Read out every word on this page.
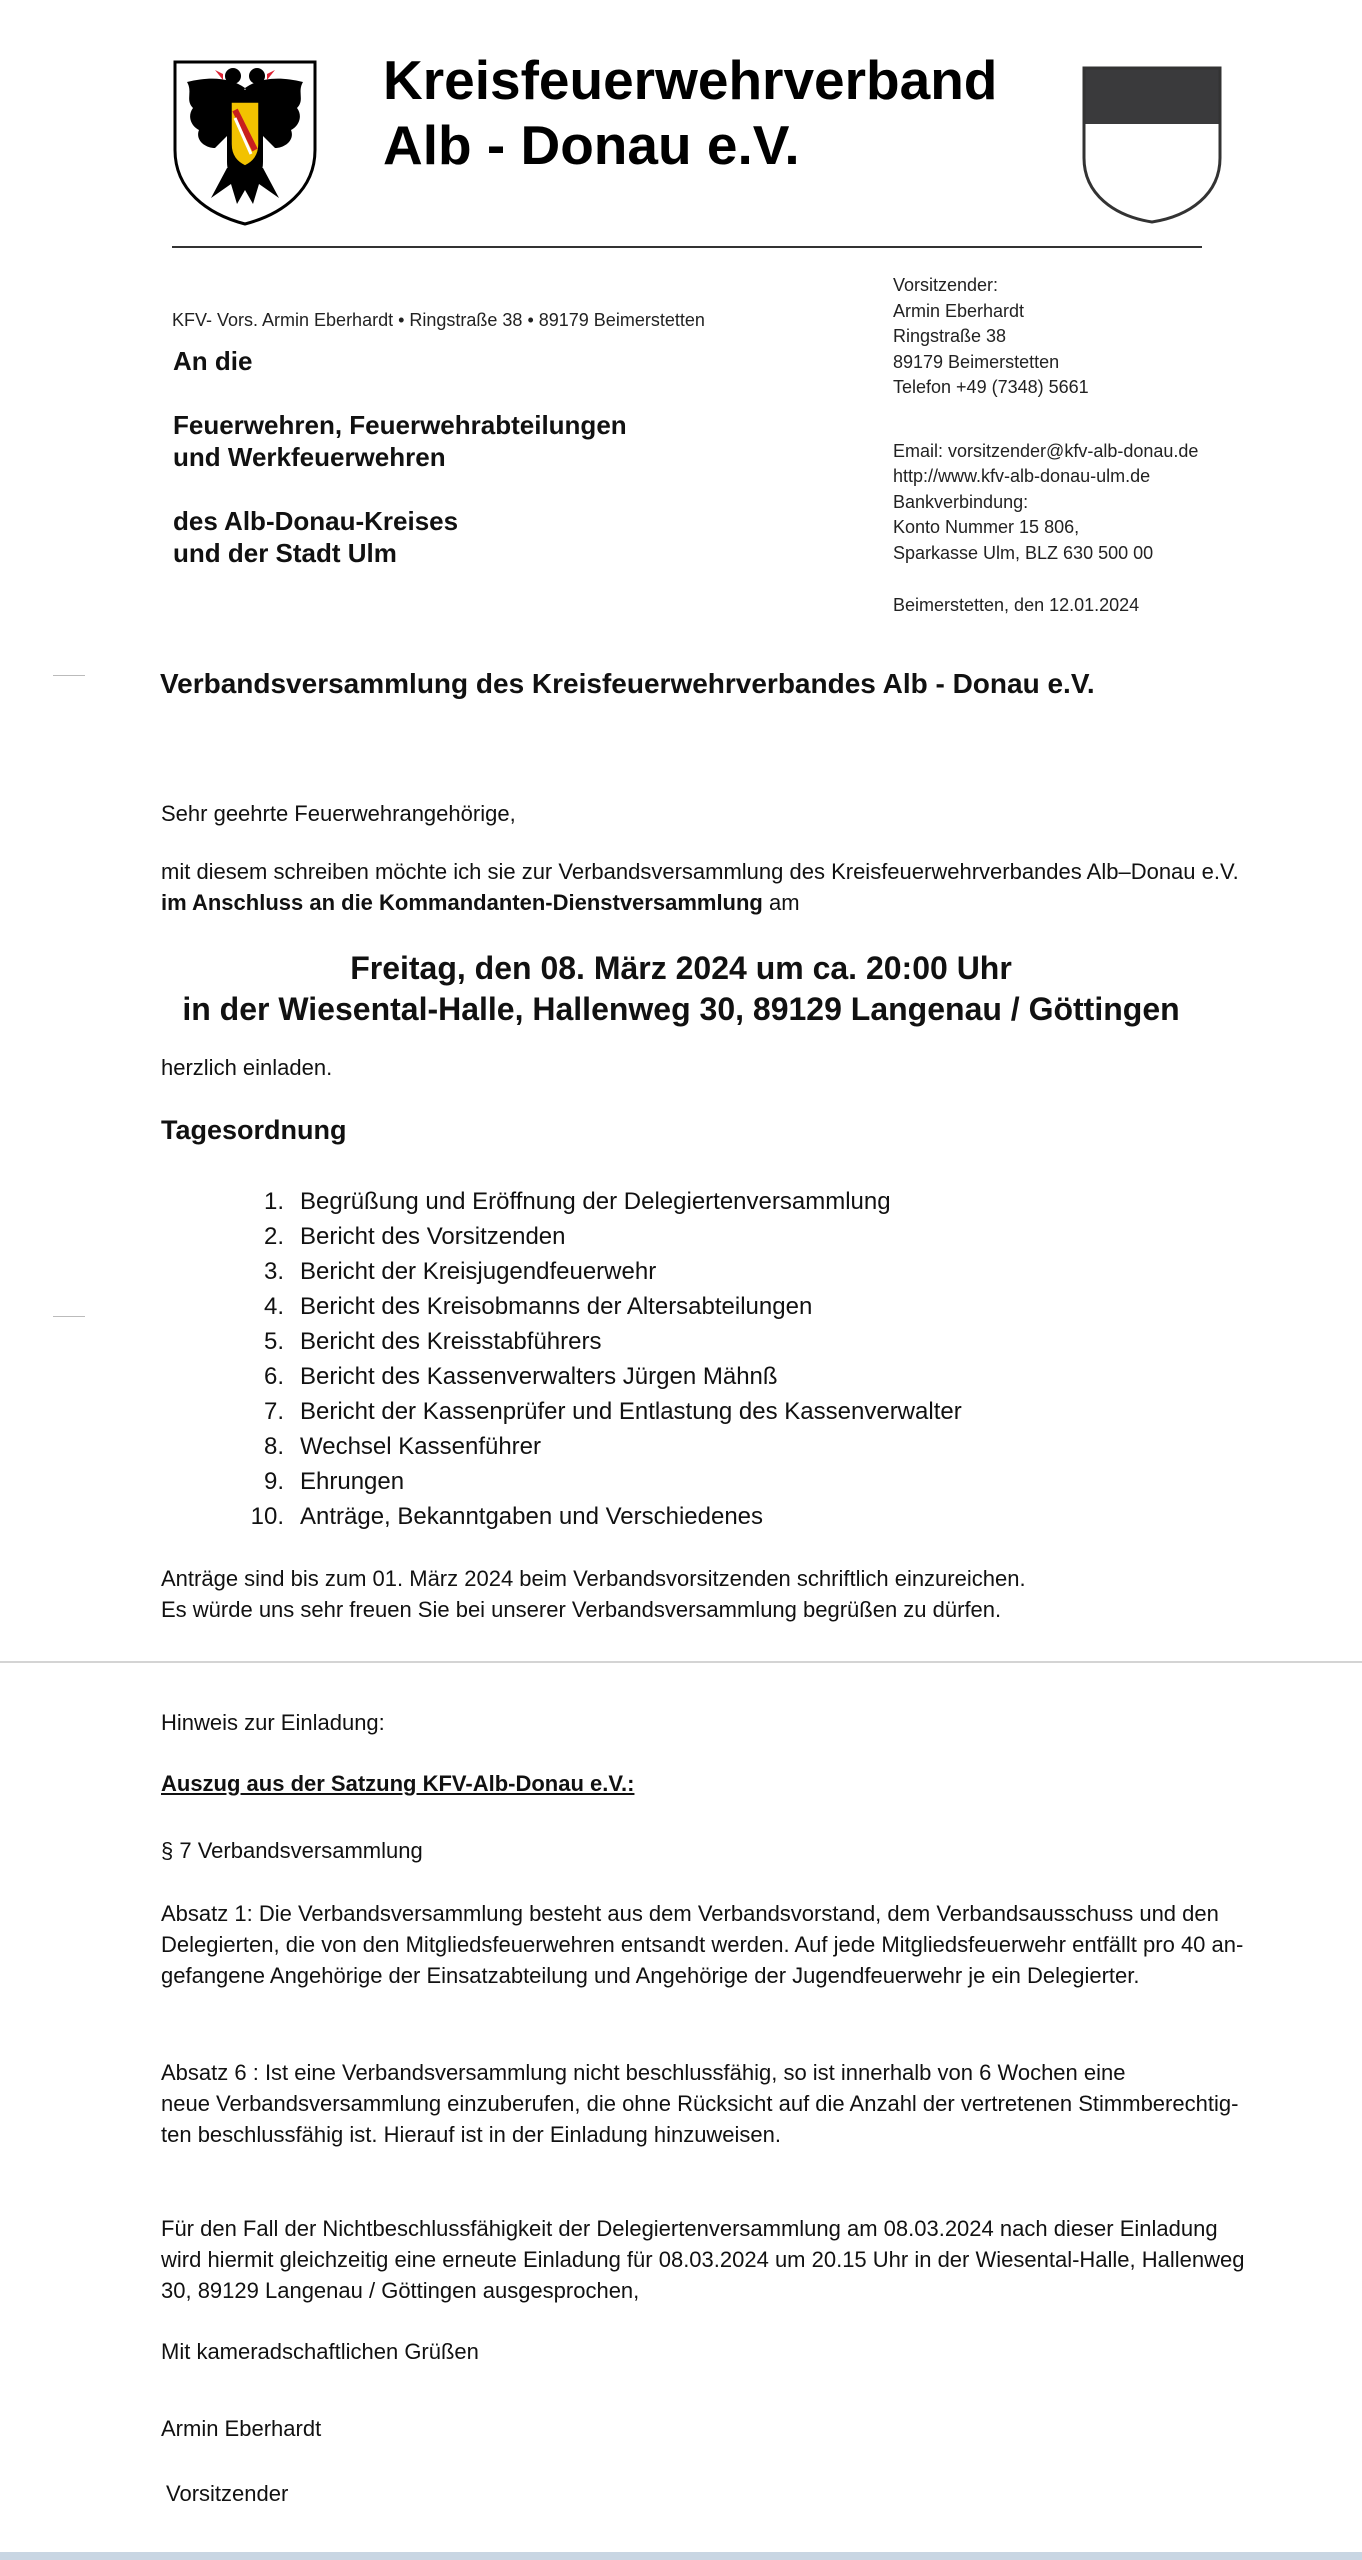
Kreisfeuerwehrverband
Alb - Donau e.V.
KFV- Vors. Armin Eberhardt • Ringstraße 38 • 89179 Beimerstetten
An die
Feuerwehren, Feuerwehrabteilungen
und Werkfeuerwehren
des Alb-Donau-Kreises
und der Stadt Ulm
Vorsitzender:
Armin Eberhardt
Ringstraße 38
89179 Beimerstetten
Telefon +49 (7348) 5661
Email: vorsitzender@kfv-alb-donau.de
http://www.kfv-alb-donau-ulm.de
Bankverbindung:
Konto Nummer 15 806,
Sparkasse Ulm, BLZ 630 500 00
Beimerstetten, den 12.01.2024
Verbandsversammlung des Kreisfeuerwehrverbandes Alb - Donau e.V.
Sehr geehrte Feuerwehrangehörige,
mit diesem schreiben möchte ich sie zur Verbandsversammlung des Kreisfeuerwehrverbandes Alb–Donau e.V.
im Anschluss an die Kommandanten-Dienstversammlung am
Freitag, den 08. März 2024 um ca. 20:00 Uhr
in der Wiesental-Halle, Hallenweg 30, 89129 Langenau / Göttingen
herzlich einladen.
Tagesordnung
1. Begrüßung und Eröffnung der Delegiertenversammlung
2. Bericht des Vorsitzenden
3. Bericht der Kreisjugendfeuerwehr
4. Bericht des Kreisobmanns der Altersabteilungen
5. Bericht des Kreisstabführers
6. Bericht des Kassenverwalters Jürgen Mähnß
7. Bericht der Kassenprüfer und Entlastung des Kassenverwalter
8. Wechsel Kassenführer
9. Ehrungen
10. Anträge, Bekanntgaben und Verschiedenes
Anträge sind bis zum 01. März 2024 beim Verbandsvorsitzenden schriftlich einzureichen.
Es würde uns sehr freuen Sie bei unserer Verbandsversammlung begrüßen zu dürfen.
Hinweis zur Einladung:
Auszug aus der Satzung KFV-Alb-Donau e.V.:
§ 7 Verbandsversammlung
Absatz 1: Die Verbandsversammlung besteht aus dem Verbandsvorstand, dem Verbandsausschuss und den
Delegierten, die von den Mitgliedsfeuerwehren entsandt werden. Auf jede Mitgliedsfeuerwehr entfällt pro 40 an-
gefangene Angehörige der Einsatzabteilung und Angehörige der Jugendfeuerwehr je ein Delegierter.
Absatz 6 : Ist eine Verbandsversammlung nicht beschlussfähig, so ist innerhalb von 6 Wochen eine
neue Verbandsversammlung einzuberufen, die ohne Rücksicht auf die Anzahl der vertretenen Stimmberechtig-
ten beschlussfähig ist. Hierauf ist in der Einladung hinzuweisen.
Für den Fall der Nichtbeschlussfähigkeit der Delegiertenversammlung am 08.03.2024 nach dieser Einladung
wird hiermit gleichzeitig eine erneute Einladung für 08.03.2024 um 20.15 Uhr in der Wiesental-Halle, Hallenweg
30, 89129 Langenau / Göttingen ausgesprochen,
Mit kameradschaftlichen Grüßen
Armin Eberhardt
Vorsitzender
